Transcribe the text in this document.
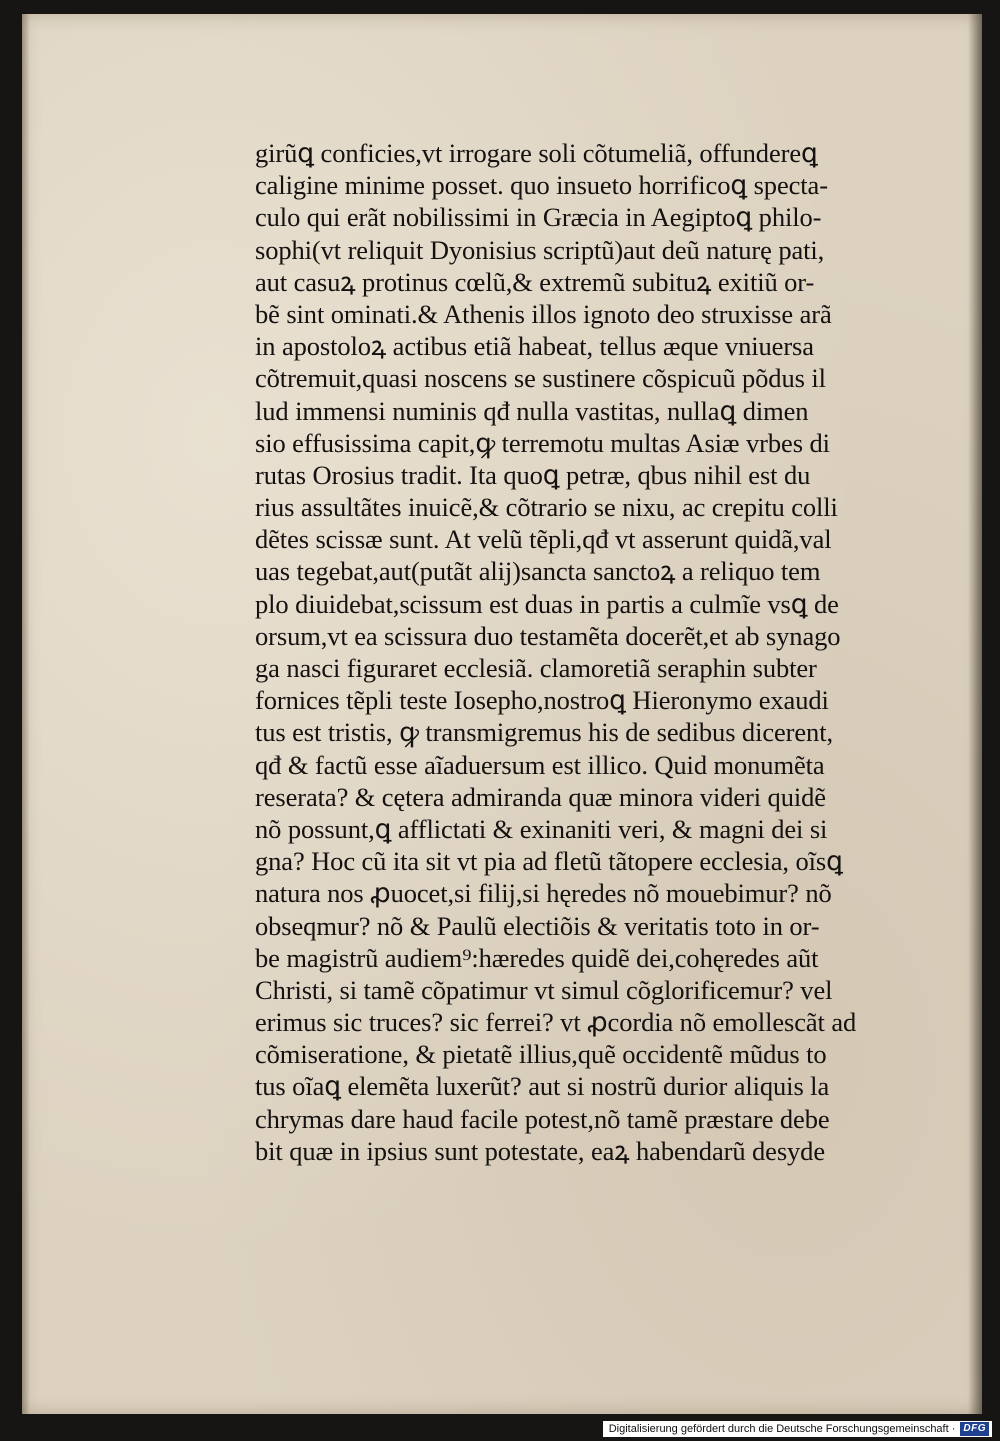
girũꝗ conficies,vt irrogare soli cõtumeliã, offundereꝗ
caligine minime posset. quo insueto horrificoꝗ specta-
culo qui erãt nobilissimi in Græcia in Aegiptoꝗ philo-
sophi(vt reliquit Dyonisius scriptũ)aut deũ naturę pati,
aut casuꝝ protinus cœlũ,& extremũ subituꝝ exitiũ or-
bẽ sint ominati.& Athenis illos ignoto deo struxisse arã
in apostoloꝝ actibus etiã habeat, tellus æque vniuersa
cõtremuit,quasi noscens se sustinere cõspicuũ põdus il
lud immensi numinis qđ nulla vastitas, nullaꝗ dimen
sio effusissima capit,ꝙ terremotu multas Asiæ vrbes di
rutas Orosius tradit. Ita quoꝗ petræ, qbus nihil est du
rius assultãtes inuicẽ,& cõtrario se nixu, ac crepitu colli
dẽtes scissæ sunt. At velũ tẽpli,qđ vt asserunt quidã,val
uas tegebat,aut(putãt alij)sancta sanctoꝝ a reliquo tem
plo diuidebat,scissum est duas in partis a culmĩe vsꝗ de
orsum,vt ea scissura duo testamẽta docerẽt,et ab synago
ga nasci figuraret ecclesiã. clamoretiã seraphin subter
fornices tẽpli teste Iosepho,nostroꝗ Hieronymo exaudi
tus est tristis, ꝙ transmigremus his de sedibus dicerent,
qđ & factũ esse aĩaduersum est illico. Quid monumẽta
reserata? & cętera admiranda quæ minora videri quidẽ
nõ possunt,ꝗ afflictati & exinaniti veri, & magni dei si
gna? Hoc cũ ita sit vt pia ad fletũ tãtopere ecclesia, oĩsꝗ
natura nos ꝓuocet,si filij,si hęredes nõ mouebimur? nõ
obseqmur? nõ & Paulũ electiõis & veritatis toto in or-
be magistrũ audiem⁹:hæredes quidẽ dei,cohęredes aũt
Christi, si tamẽ cõpatimur vt simul cõglorificemur? vel
erimus sic truces? sic ferrei? vt ꝓcordia nõ emollescãt ad
cõmiseratione, & pietatẽ illius,quẽ occidentẽ mũdus to
tus oĩaꝗ elemẽta luxerũt? aut si nostrũ durior aliquis la
chrymas dare haud facile potest,nõ tamẽ præstare debe
bit quæ in ipsius sunt potestate, eaꝝ habendarũ desyde
Digitalisierung gefördert durch die Deutsche Forschungsgemeinschaft · DFG
